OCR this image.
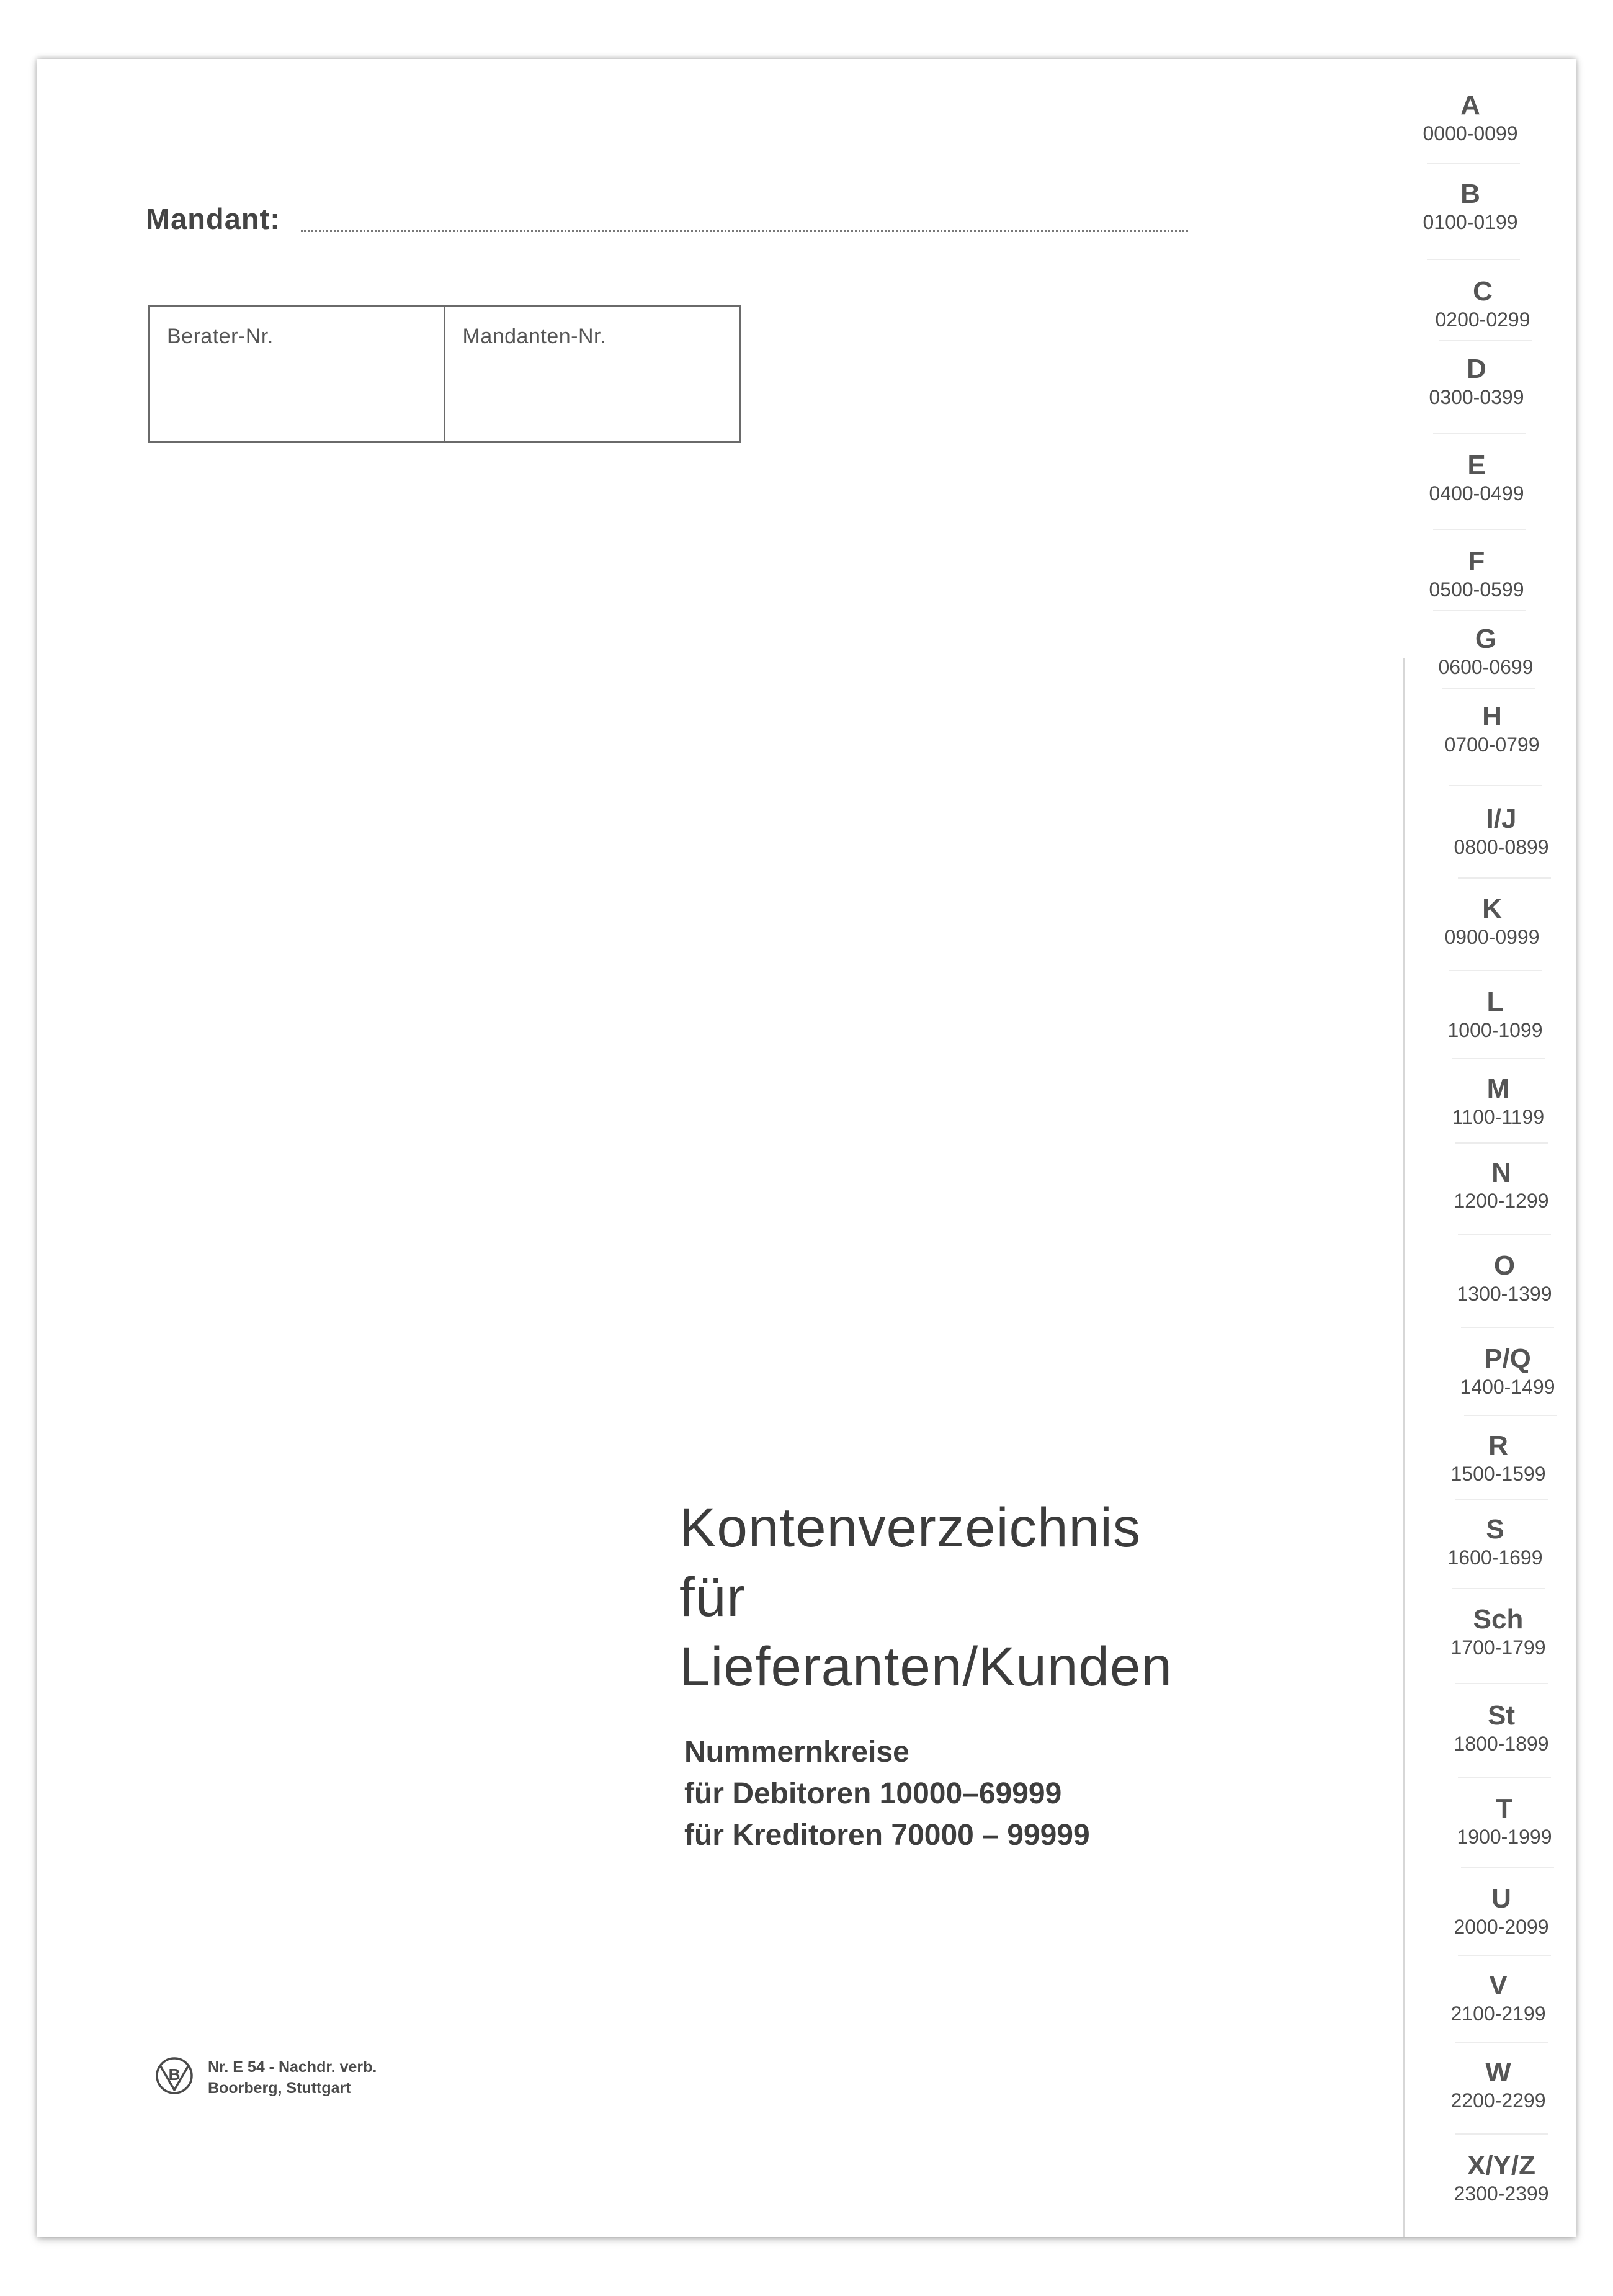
Mandant:
Berater-Nr.	Mandanten-Nr.
Kontenverzeichnis
für
Lieferanten/Kunden
Nummernkreise
für Debitoren 10000–69999
für Kreditoren 70000 – 99999
B Nr. E 54 - Nachdr. verb.
Boorberg, Stuttgart
A
0000-0099
B
0100-0199
C
0200-0299
D
0300-0399
E
0400-0499
F
0500-0599
G
0600-0699
H
0700-0799
I/J
0800-0899
K
0900-0999
L
1000-1099
M
1100-1199
N
1200-1299
O
1300-1399
P/Q
1400-1499
R
1500-1599
S
1600-1699
Sch
1700-1799
St
1800-1899
T
1900-1999
U
2000-2099
V
2100-2199
W
2200-2299
X/Y/Z
2300-2399
